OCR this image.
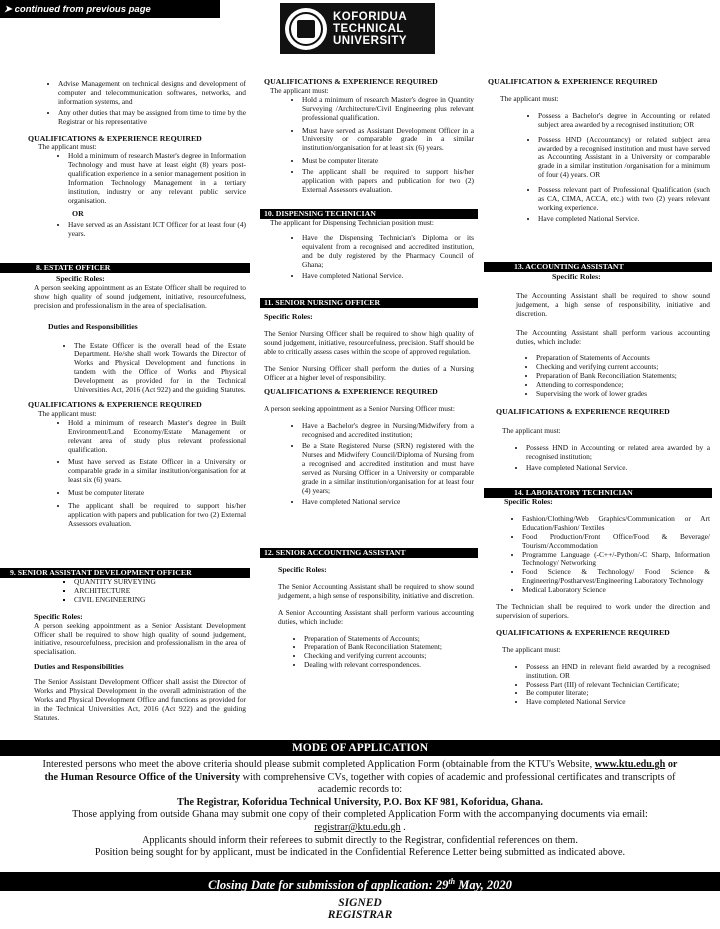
➤ continued from previous page
KOFORIDUA
TECHNICAL
UNIVERSITY
• Advise Management on technical designs and development of computer and telecommunication softwares, networks, and information systems, and
• Any other duties that may be assigned from time to time by the Registrar or his representative

QUALIFICATIONS & EXPERIENCE REQUIRED

The applicant must:

• Hold a minimum of research Master's degree in Information Technology and must have at least eight (8) years post-qualification experience in a senior management position in Information Technology Management in a tertiary institution, industry or any relevant public service organisation.

OR

• Have served as an Assistant ICT Officer for at least four (4) years.
8. ESTATE OFFICER

Specific Roles:

A person seeking appointment as an Estate Officer shall be required to show high quality of sound judgement, initiative, resourcefulness, precision and professionalism in the area of specialisation.

Duties and Responsibilities

• The Estate Officer is the overall head of the Estate Department. He/she shall work Towards the Director of Works and Physical Development and functions in tandem with the Office of Works and Physical Development as provided for in the Technical Universities Act, 2016 (Act 922) and the guiding Statutes.

QUALIFICATIONS & EXPERIENCE REQUIRED

The applicant must:

• Hold a minimum of research Master's degree in Built Environment/Land Economy/Estate Management or relevant area of study plus relevant professional qualification.
• Must have served as Estate Officer in a University or comparable grade in a similar institution/organisation for at least six (6) years.
• Must be computer literate
• The applicant shall be required to support his/her application with papers and publication for two (2) External Assessors evaluation.
9. SENIOR ASSISTANT DEVELOPMENT OFFICER
▪ QUANTITY SURVEYING
▪ ARCHITECTURE
▪ CIVIL ENGINEERING

Specific Roles:

A person seeking appointment as a Senior Assistant Development Officer shall be required to show high quality of sound judgement, initiative, resourcefulness, precision and professionalism in the area of specialisation.

Duties and Responsibilities

The Senior Assistant Development Officer shall assist the Director of Works and Physical Development in the overall administration of the Works and Physical Development Office and functions as provided for in the Technical Universities Act, 2016 (Act 922) and the guiding Statutes.

QUALIFICATIONS & EXPERIENCE REQUIRED

The applicant must:

• Hold a minimum of research Master's degree in Quantity Surveying /Architecture/Civil Engineering plus relevant professional qualification.
• Must have served as Assistant Development Officer in a University or comparable grade in a similar institution/organisation for at least six (6) years.
• Must be computer literate
• The applicant shall be required to support his/her application with papers and publication for two (2) External Assessors evaluation.
10. DISPENSING TECHNICIAN

The applicant for Dispensing Technician position must:

• Have the Dispensing Technician's Diploma or its equivalent from a recognised and accredited institution, and be duly registered by the Pharmacy Council of Ghana;
• Have completed National Service.
11. SENIOR NURSING OFFICER

Specific Roles:

The Senior Nursing Officer shall be required to show high quality of sound judgement, initiative, resourcefulness, precision. Staff should be able to critically assess cases within the scope of approved regulation.

The Senior Nursing Officer shall perform the duties of a Nursing Officer at a higher level of responsibility.

QUALIFICATIONS & EXPERIENCE REQUIRED

A person seeking appointment as a Senior Nursing Officer must:

• Have a Bachelor's degree in Nursing/Midwifery from a recognised and accredited institution;
• Be a State Registered Nurse (SRN) registered with the Nurses and Midwifery Council/Diploma of Nursing from a recognised and accredited institution and must have served as Nursing Officer in a University or comparable grade in a similar institution/organisation for at least four (4) years;
• Have completed National service
12. SENIOR ACCOUNTING ASSISTANT

Specific Roles:

The Senior Accounting Assistant shall be required to show sound judgement, a high sense of responsibility, initiative and discretion.

A Senior Accounting Assistant shall perform various accounting duties, which include:

• Preparation of Statements of Accounts;
• Preparation of Bank Reconciliation Statement;
• Checking and verifying current accounts;
• Dealing with relevant correspondences.

QUALIFICATION & EXPERIENCE REQUIRED

The applicant must:

• Possess a Bachelor's degree in Accounting or related subject area awarded by a recognised institution; OR
• Possess HND (Accountancy) or related subject area awarded by a recognised institution and must have served as Accounting Assistant in a University or comparable grade in a similar institution /organisation for a minimum of four (4) years. OR
• Possess relevant part of Professional Qualification (such as CA, CIMA, ACCA, etc.) with two (2) years relevant working experience.
• Have completed National Service.
13. ACCOUNTING ASSISTANT

Specific Roles:

The Accounting Assistant shall be required to show sound judgement, a high sense of responsibility, initiative and discretion.

The Accounting Assistant shall perform various accounting duties, which include:

• Preparation of Statements of Accounts
• Checking and verifying current accounts;
• Preparation of Bank Reconciliation Statements;
• Attending to correspondence;
• Supervising the work of lower grades

QUALIFICATIONS & EXPERIENCE REQUIRED

The applicant must:

• Possess HND in Accounting or related area awarded by a recognised institution;
• Have completed National Service.
14. LABORATORY TECHNICIAN

Specific Roles:

• Fashion/Clothing/Web Graphics/Communication or Art Education/Fashion/ Textiles
• Food Production/Front Office/Food & Beverage/ Tourism/Accommodation
• Programme Language (-C++/-Python/-C Sharp, Information Technology/ Networking
• Food Science & Technology/ Food Science & Engineering/Postharvest/Engineering Laboratory Technology
• Medical Laboratory Science

The Technician shall be required to work under the direction and supervision of superiors.

QUALIFICATIONS & EXPERIENCE REQUIRED

The applicant must:

• Possess an HND in relevant field awarded by a recognised institution. OR
• Possess Part (III) of relevant Technician Certificate;
• Be computer literate;
• Have completed National Service
MODE OF APPLICATION

Interested persons who meet the above criteria should please submit completed Application Form (obtainable from the KTU's Website, www.ktu.edu.gh or the Human Resource Office of the University with comprehensive CVs, together with copies of academic and professional certificates and transcripts of academic records to:

The Registrar, Koforidua Technical University, P.O. Box KF 981, Koforidua, Ghana.

Those applying from outside Ghana may submit one copy of their completed Application Form with the accompanying documents via email:

registrar@ktu.edu.gh .

Applicants should inform their referees to submit directly to the Registrar, confidential references on them.

Position being sought for by applicant, must be indicated in the Confidential Reference Letter being submitted as indicated above.

Closing Date for submission of application: 29th May, 2020
SIGNED
REGISTRAR
